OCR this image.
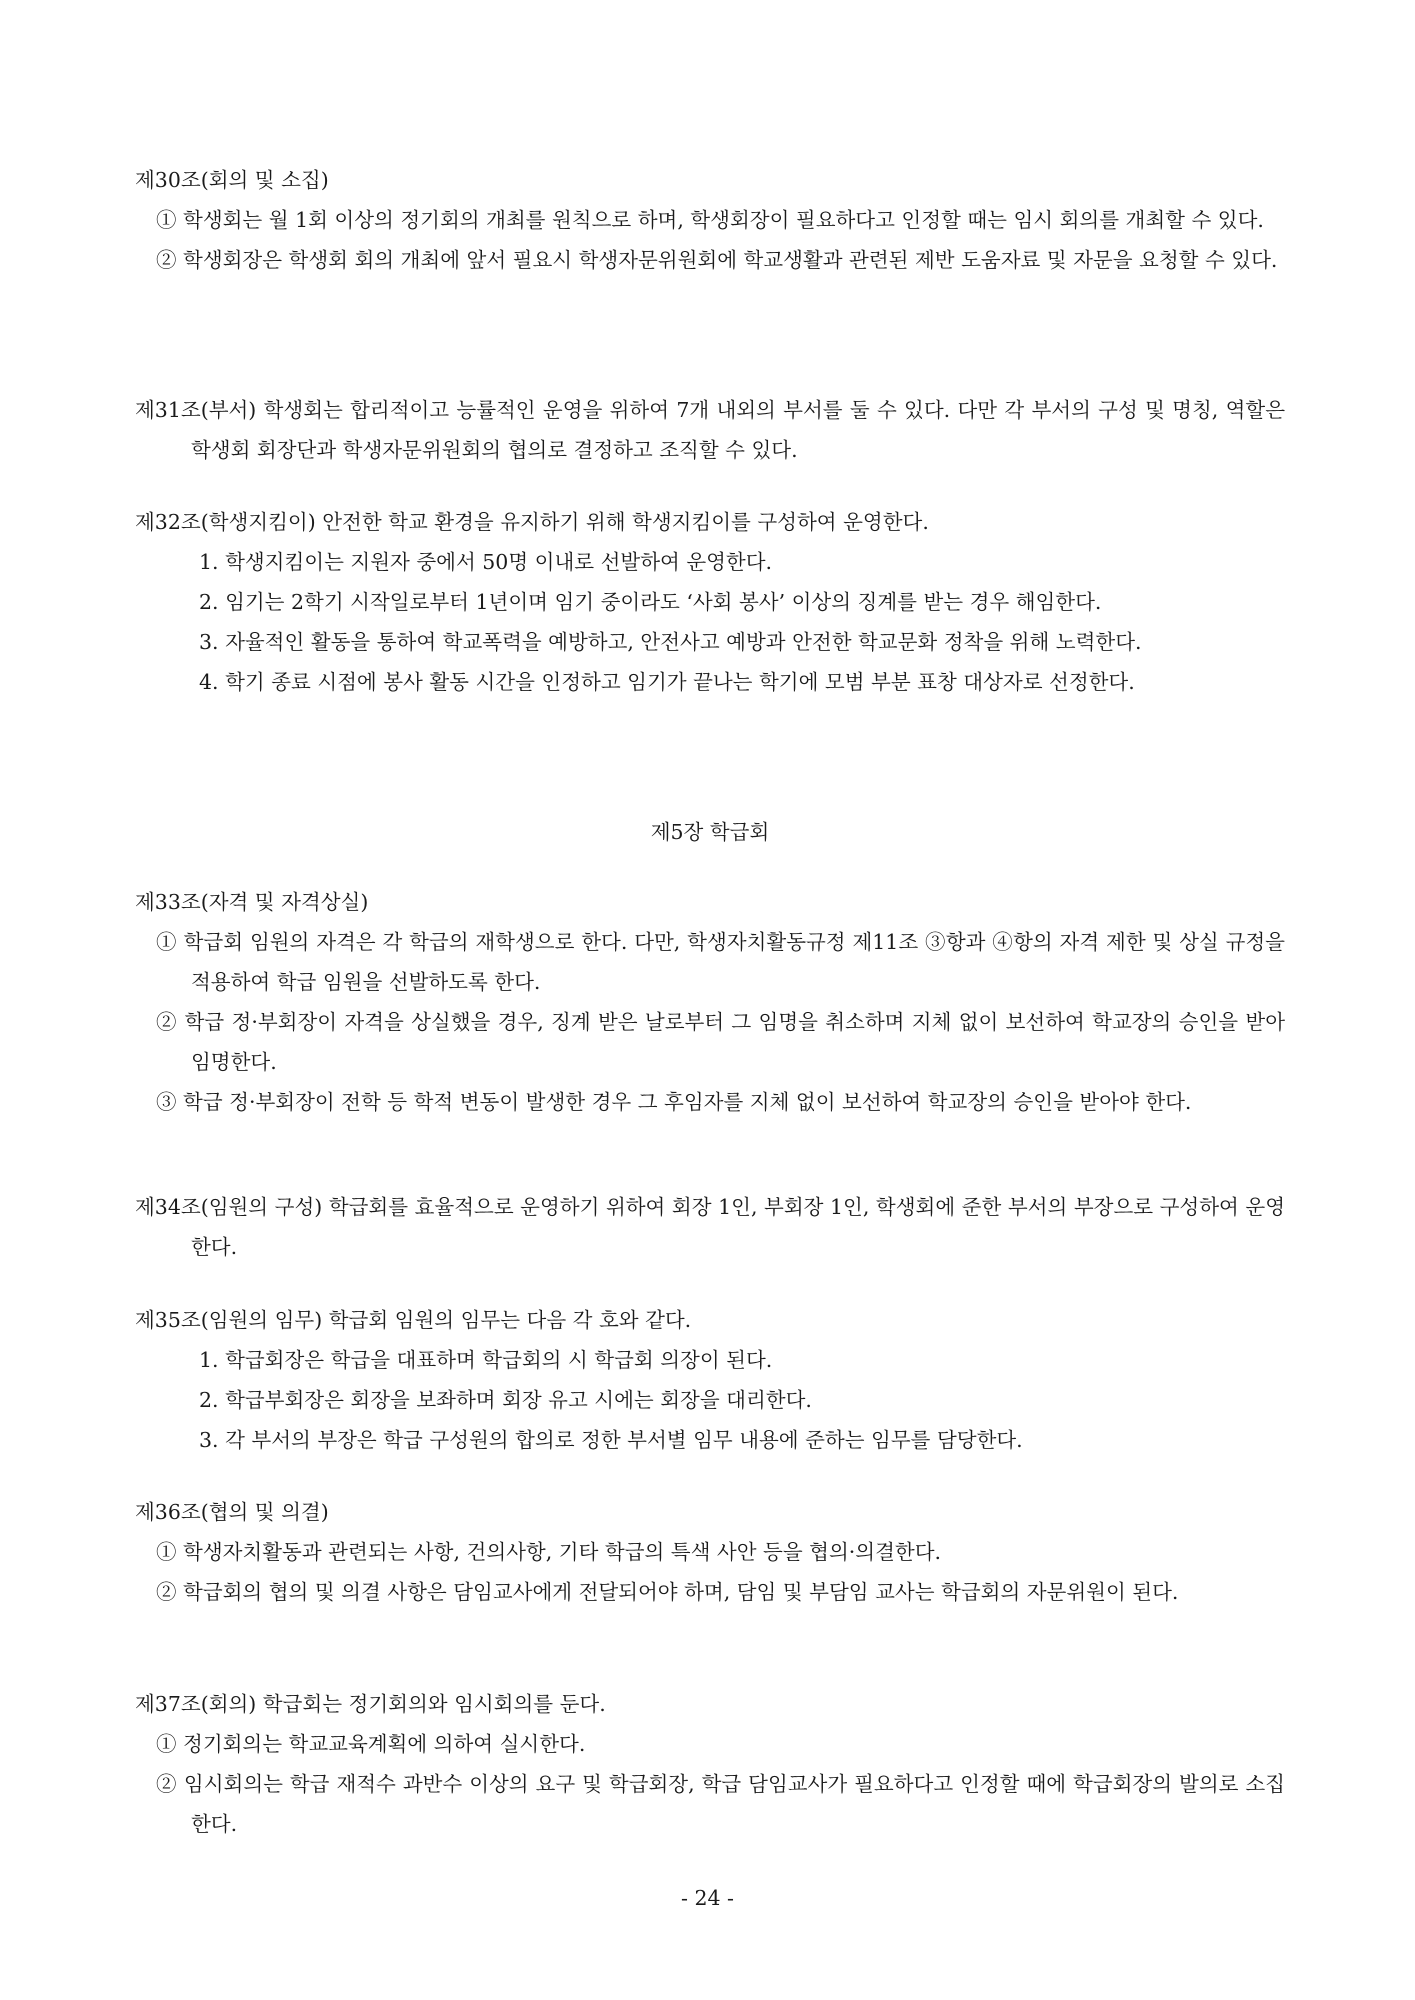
제30조(회의 및 소집)

① 학생회는 월 1회 이상의 정기회의 개최를 원칙으로 하며, 학생회장이 필요하다고 인정할 때는 임시 회의를 개최할 수 있다.

② 학생회장은 학생회 회의 개최에 앞서 필요시 학생자문위원회에 학교생활과 관련된 제반 도움자료 및 자문을 요청할 수 있다.

제31조(부서) 학생회는 합리적이고 능률적인 운영을 위하여 7개 내외의 부서를 둘 수 있다. 다만 각 부서의 구성 및 명칭, 역할은 학생회 회장단과 학생자문위원회의 협의로 결정하고 조직할 수 있다.

제32조(학생지킴이) 안전한 학교 환경을 유지하기 위해 학생지킴이를 구성하여 운영한다.

1. 학생지킴이는 지원자 중에서 50명 이내로 선발하여 운영한다.

2. 임기는 2학기 시작일로부터 1년이며 임기 중이라도 ‘사회 봉사’ 이상의 징계를 받는 경우 해임한다.

3. 자율적인 활동을 통하여 학교폭력을 예방하고, 안전사고 예방과 안전한 학교문화 정착을 위해 노력한다.

4. 학기 종료 시점에 봉사 활동 시간을 인정하고 임기가 끝나는 학기에 모범 부분 표창 대상자로 선정한다.

제5장 학급회

제33조(자격 및 자격상실)

① 학급회 임원의 자격은 각 학급의 재학생으로 한다. 다만, 학생자치활동규정 제11조 ③항과 ④항의 자격 제한 및 상실 규정을 적용하여 학급 임원을 선발하도록 한다.

② 학급 정·부회장이 자격을 상실했을 경우, 징계 받은 날로부터 그 임명을 취소하며 지체 없이 보선하여 학교장의 승인을 받아 임명한다.

③ 학급 정·부회장이 전학 등 학적 변동이 발생한 경우 그 후임자를 지체 없이 보선하여 학교장의 승인을 받아야 한다.

제34조(임원의 구성) 학급회를 효율적으로 운영하기 위하여 회장 1인, 부회장 1인, 학생회에 준한 부서의 부장으로 구성하여 운영한다.

제35조(임원의 임무) 학급회 임원의 임무는 다음 각 호와 같다.

1. 학급회장은 학급을 대표하며 학급회의 시 학급회 의장이 된다.

2. 학급부회장은 회장을 보좌하며 회장 유고 시에는 회장을 대리한다.

3. 각 부서의 부장은 학급 구성원의 합의로 정한 부서별 임무 내용에 준하는 임무를 담당한다.

제36조(협의 및 의결)

① 학생자치활동과 관련되는 사항, 건의사항, 기타 학급의 특색 사안 등을 협의·의결한다.

② 학급회의 협의 및 의결 사항은 담임교사에게 전달되어야 하며, 담임 및 부담임 교사는 학급회의 자문위원이 된다.

제37조(회의) 학급회는 정기회의와 임시회의를 둔다.

① 정기회의는 학교교육계획에 의하여 실시한다.

② 임시회의는 학급 재적수 과반수 이상의 요구 및 학급회장, 학급 담임교사가 필요하다고 인정할 때에 학급회장의 발의로 소집한다.

- 24 -
